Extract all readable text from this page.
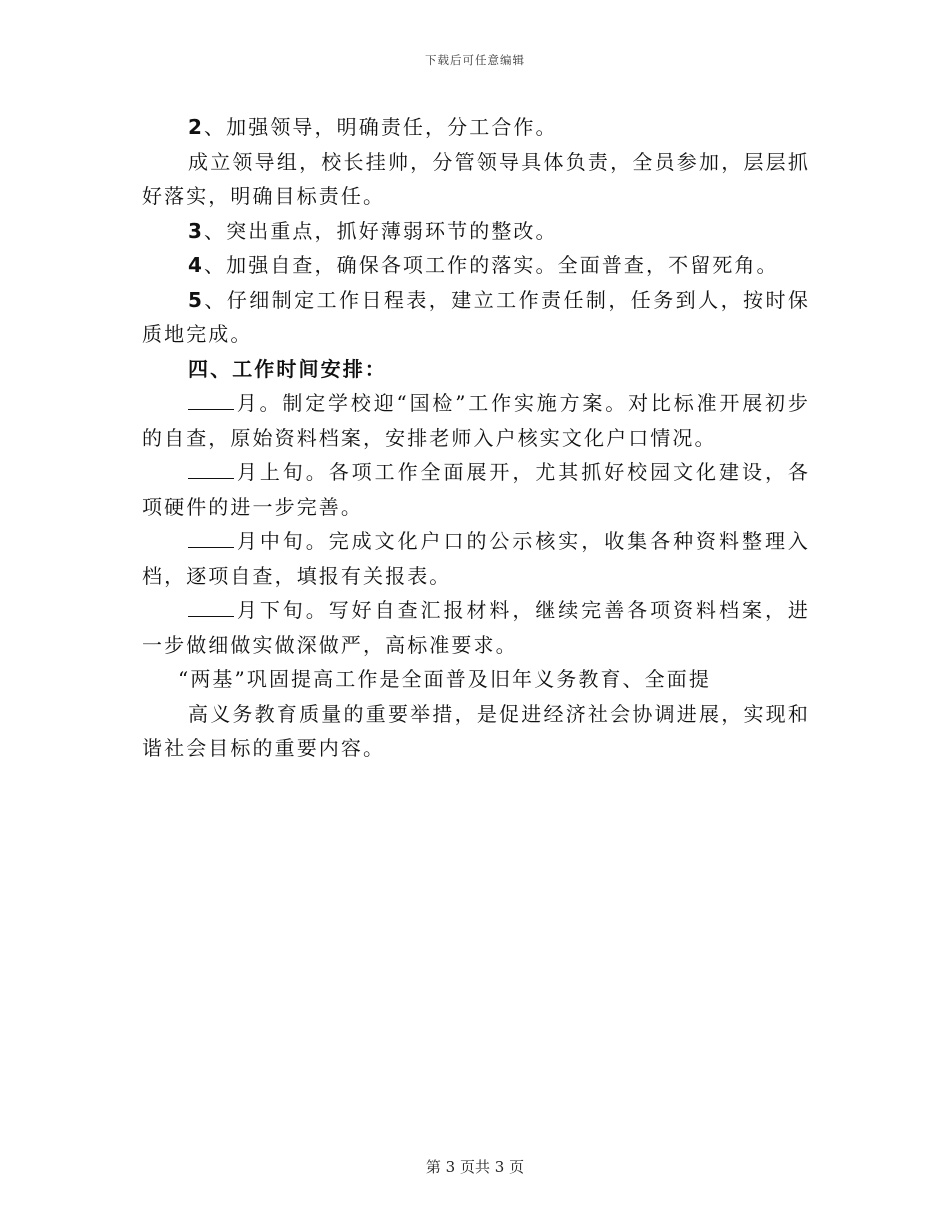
下载后可任意编辑

2、加强领导，明确责任，分工合作。

成立领导组，校长挂帅，分管领导具体负责，全员参加，层层抓好落实，明确目标责任。

3、突出重点，抓好薄弱环节的整改。

4、加强自查，确保各项工作的落实。全面普查，不留死角。

5、仔细制定工作日程表，建立工作责任制，任务到人，按时保质地完成。

四、工作时间安排：

月。制定学校迎“国检”工作实施方案。对比标准开展初步的自查，原始资料档案，安排老师入户核实文化户口情况。

月上旬。各项工作全面展开，尤其抓好校园文化建设，各项硬件的进一步完善。

月中旬。完成文化户口的公示核实，收集各种资料整理入档，逐项自查，填报有关报表。

月下旬。写好自查汇报材料，继续完善各项资料档案，进一步做细做实做深做严，高标准要求。

“两基”巩固提高工作是全面普及旧年义务教育、全面提

高义务教育质量的重要举措，是促进经济社会协调进展，实现和谐社会目标的重要内容。

第 3 页共 3 页
